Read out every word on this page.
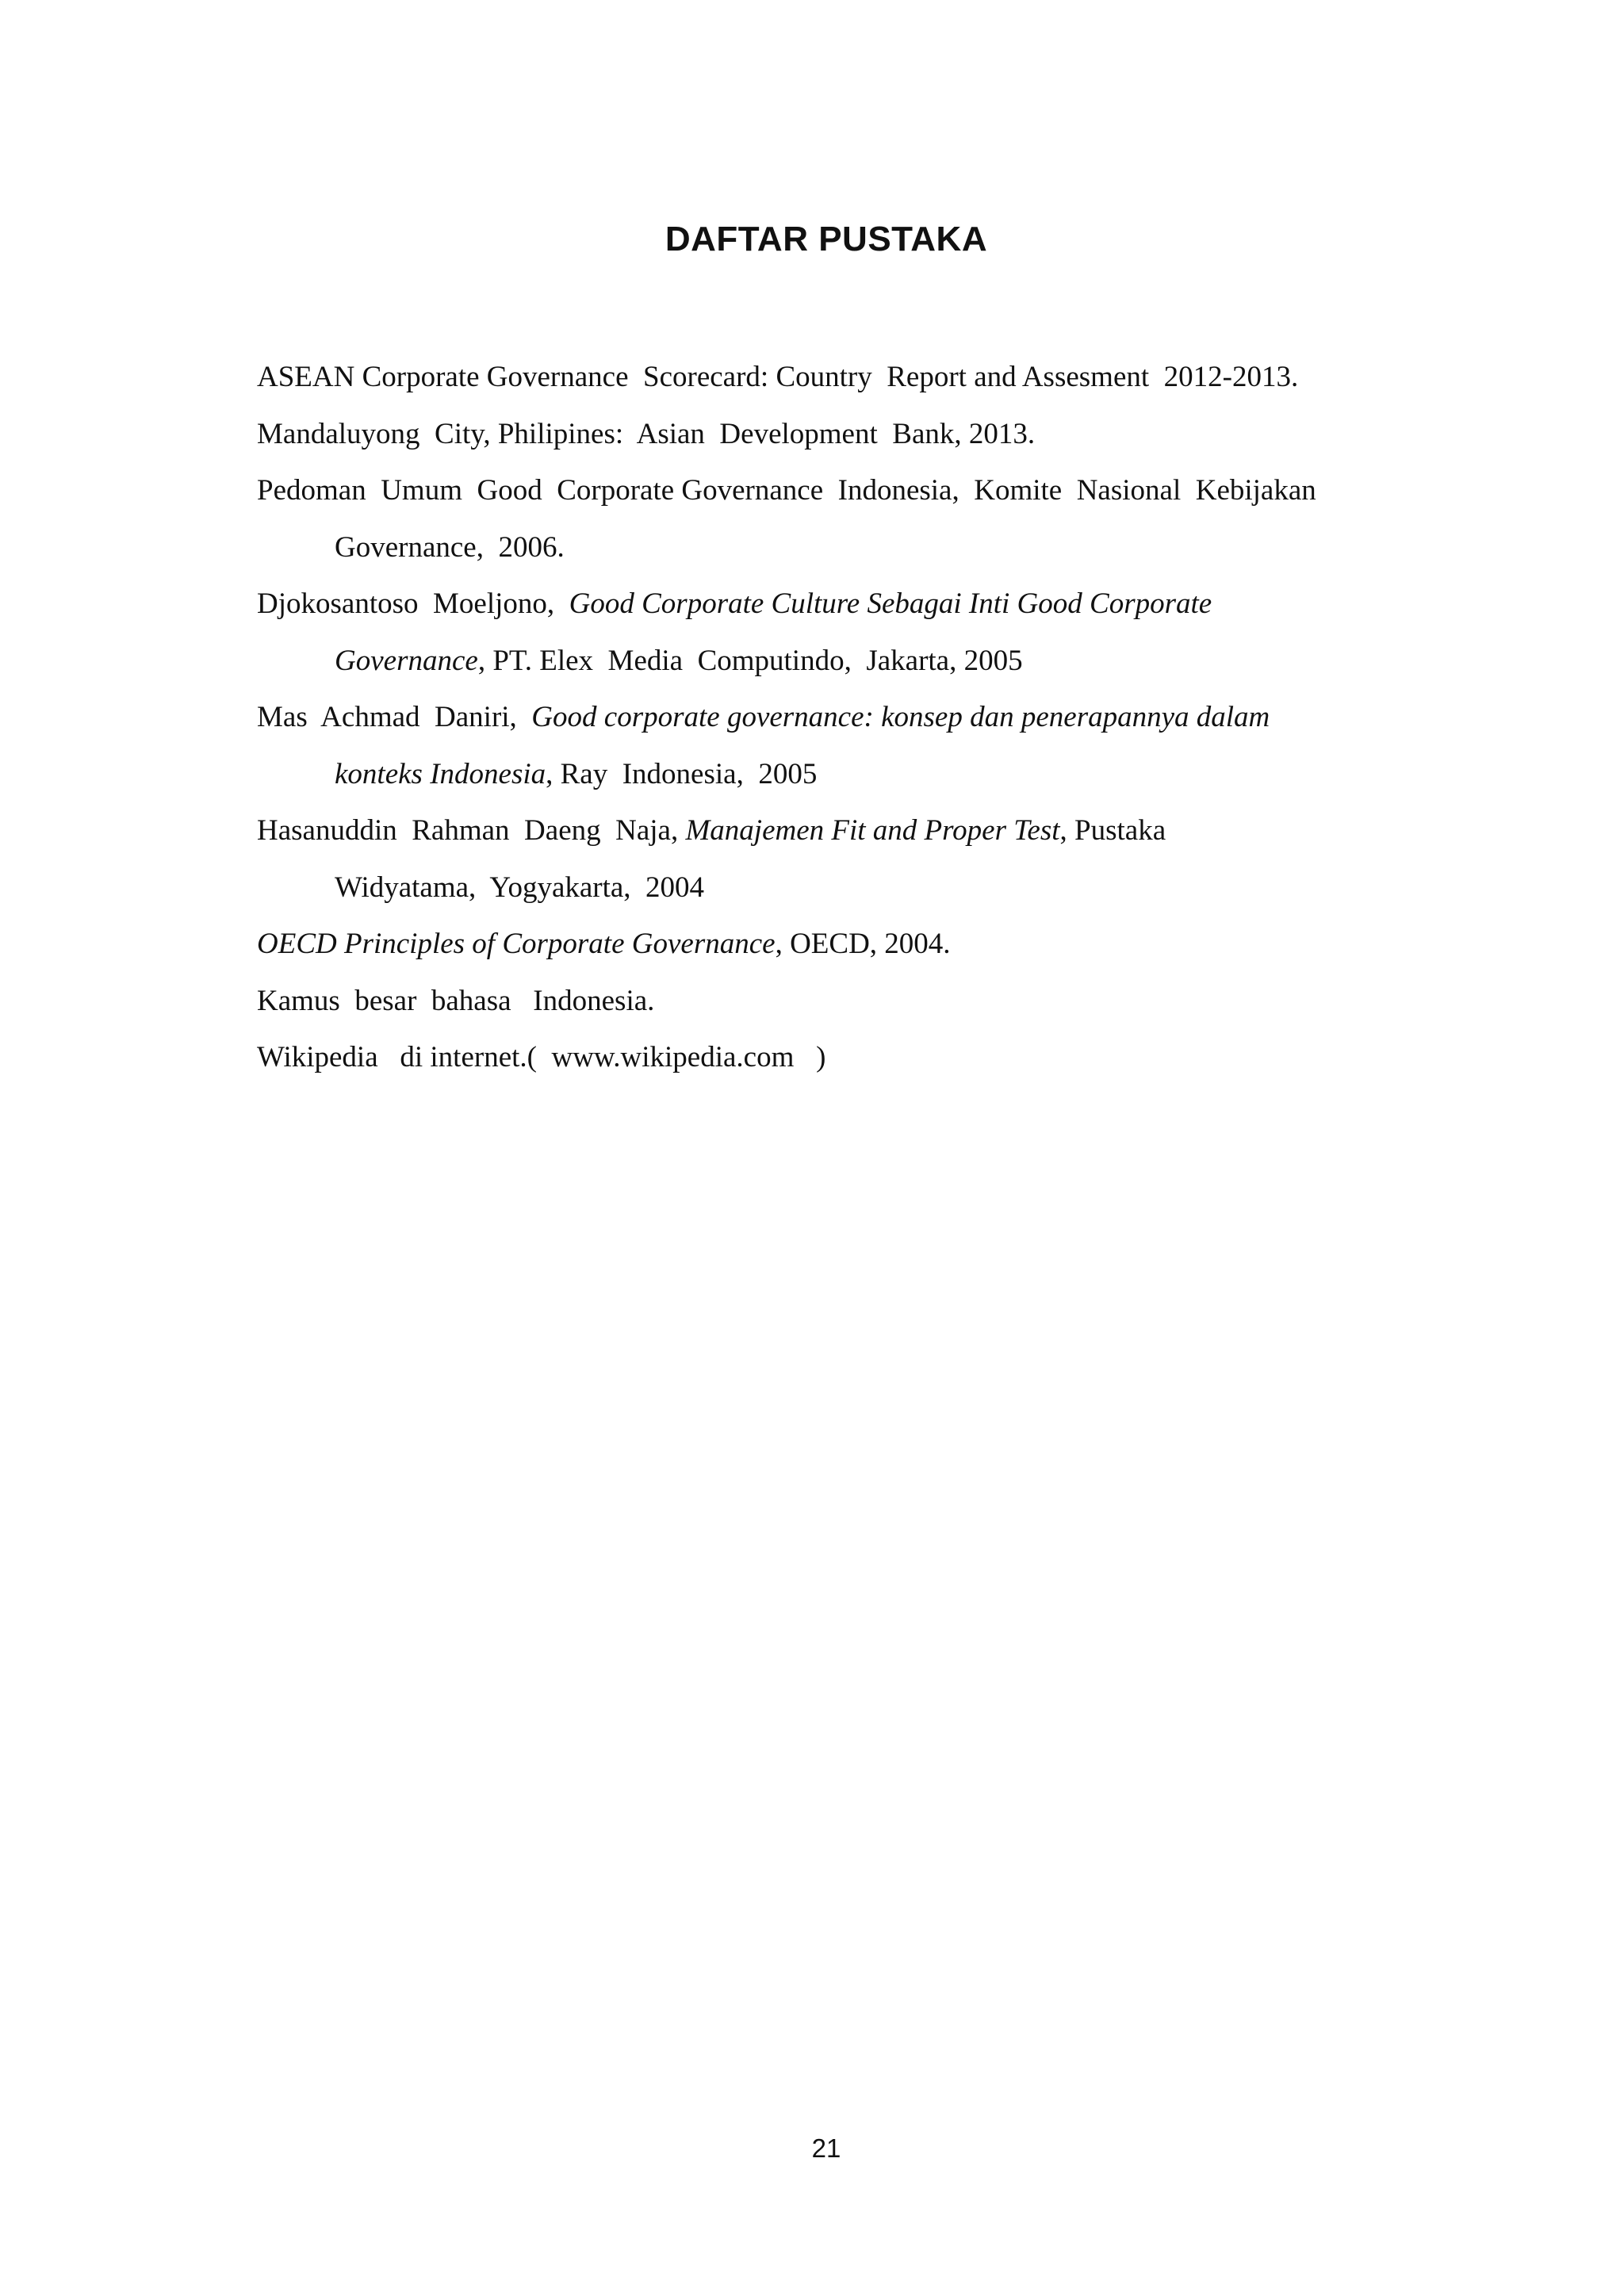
DAFTAR PUSTAKA
ASEAN Corporate Governance  Scorecard: Country  Report and Assesment  2012-2013.
Mandaluyong  City, Philipines:  Asian  Development  Bank, 2013.
Pedoman  Umum  Good  Corporate Governance  Indonesia,  Komite  Nasional  Kebijakan
Governance,  2006.
Djokosantoso  Moeljono,  Good Corporate Culture Sebagai Inti Good Corporate
Governance, PT. Elex  Media  Computindo,  Jakarta, 2005
Mas  Achmad  Daniri,  Good corporate governance: konsep dan penerapannya dalam
konteks Indonesia, Ray  Indonesia,  2005
Hasanuddin  Rahman  Daeng  Naja, Manajemen Fit and Proper Test, Pustaka
Widyatama,  Yogyakarta,  2004
OECD Principles of Corporate Governance, OECD, 2004.
Kamus  besar  bahasa   Indonesia.
Wikipedia   di internet.(  www.wikipedia.com   )
21
